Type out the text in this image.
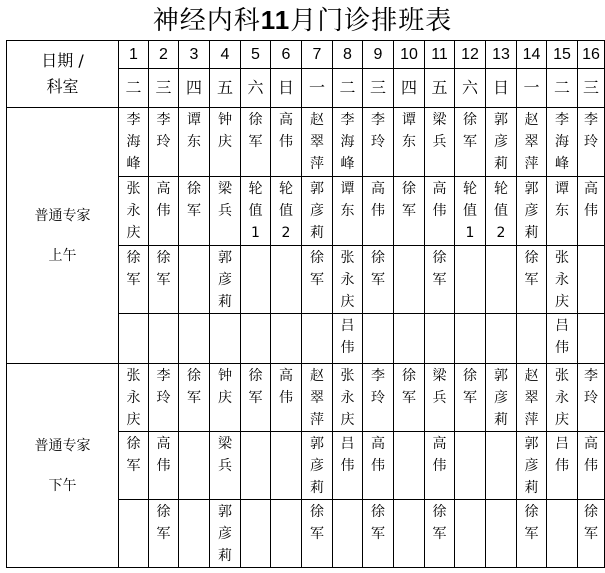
神经内科11月门诊排班表
日期 /
科室	1	2	3	4	5	6	7	8	9	10	11	12	13	14	15	16
	二	三	四	五	六	日	一	二	三	四	五	六	日	一	二	三

普通专家
上午	李海峰	李玲	谭东	钟庆	徐军	高伟	赵翠萍	李海峰	李玲	谭东	梁兵	徐军	郭彦莉	赵翠萍	李海峰	李玲

	张永庆	高伟	徐军	梁兵	轮值1	轮值2	郭彦莉	谭东	高伟	徐军	高伟	轮值1	轮值2	郭彦莉	谭东	高伟

	徐军	徐军		郭彦莉			徐军	张永庆	徐军		徐军			徐军	张永庆	

								吕伟							吕伟	

普通专家
下午	张永庆	李玲	徐军	钟庆	徐军	高伟	赵翠萍	张永庆	李玲	徐军	梁兵	徐军	郭彦莉	赵翠萍	张永庆	李玲

	徐军	高伟		梁兵			郭彦莉	吕伟	高伟		高伟			郭彦莉	吕伟	高伟

		徐军		郭彦莉			徐军		徐军		徐军			徐军		徐军
